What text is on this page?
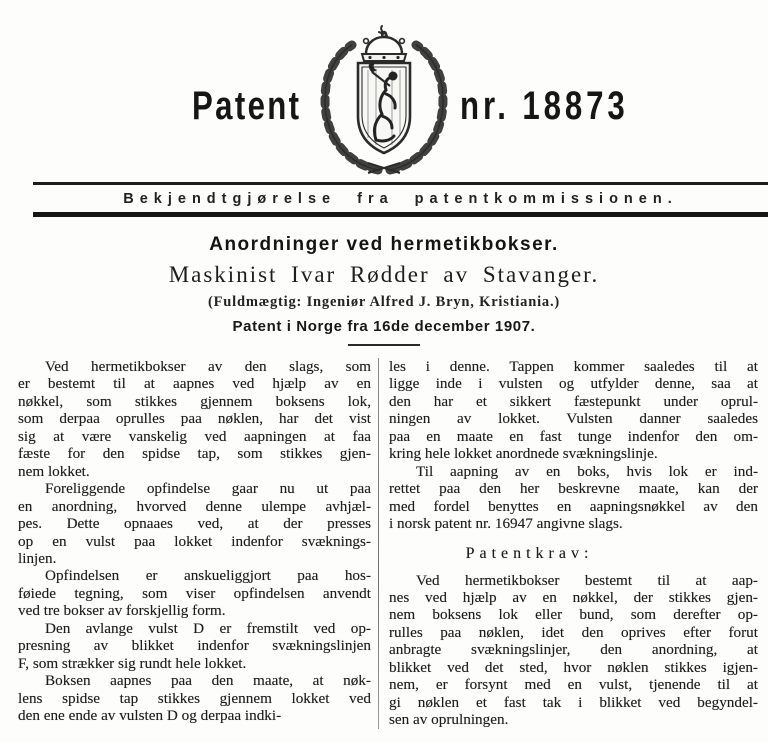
Patent	nr. 18873
Bekjendtgjørelse fra patentkommissionen.
Anordninger ved hermetikbokser.
Maskinist Ivar Rødder av Stavanger.
(Fuldmægtig: Ingeniør Alfred J. Bryn, Kristiania.)
Patent i Norge fra 16de december 1907.
Ved hermetikbokser av den slags, som
er bestemt til at aapnes ved hjælp av en
nøkkel, som stikkes gjennem boksens lok,
som derpaa oprulles paa nøklen, har det vist
sig at være vanskelig ved aapningen at faa
fæste for den spidse tap, som stikkes gjen-
nem lokket.
Foreliggende opfindelse gaar nu ut paa
en anordning, hvorved denne ulempe avhjæl-
pes. Dette opnaaes ved, at der presses
op en vulst paa lokket indenfor svæknings-
linjen.
Opfindelsen er anskueliggjort paa hos-
føiede tegning, som viser opfindelsen anvendt
ved tre bokser av forskjellig form.
Den avlange vulst D er fremstilt ved op-
presning av blikket indenfor svækningslinjen
F, som strækker sig rundt hele lokket.
Boksen aapnes paa den maate, at nøk-
lens spidse tap stikkes gjennem lokket ved
den ene ende av vulsten D og derpaa indki-
les i denne. Tappen kommer saaledes til at
ligge inde i vulsten og utfylder denne, saa at
den har et sikkert fæstepunkt under oprul-
ningen av lokket. Vulsten danner saaledes
paa en maate en fast tunge indenfor den om-
kring hele lokket anordnede svækningslinje.
Til aapning av en boks, hvis lok er ind-
rettet paa den her beskrevne maate, kan der
med fordel benyttes en aapningsnøkkel av den
i norsk patent nr. 16947 angivne slags.
Patentkrav:
Ved hermetikbokser bestemt til at aap-
nes ved hjælp av en nøkkel, der stikkes gjen-
nem boksens lok eller bund, som derefter op-
rulles paa nøklen, idet den oprives efter forut
anbragte svækningslinjer, den anordning, at
blikket ved det sted, hvor nøklen stikkes igjen-
nem, er forsynt med en vulst, tjenende til at
gi nøklen et fast tak i blikket ved begyndel-
sen av oprulningen.
